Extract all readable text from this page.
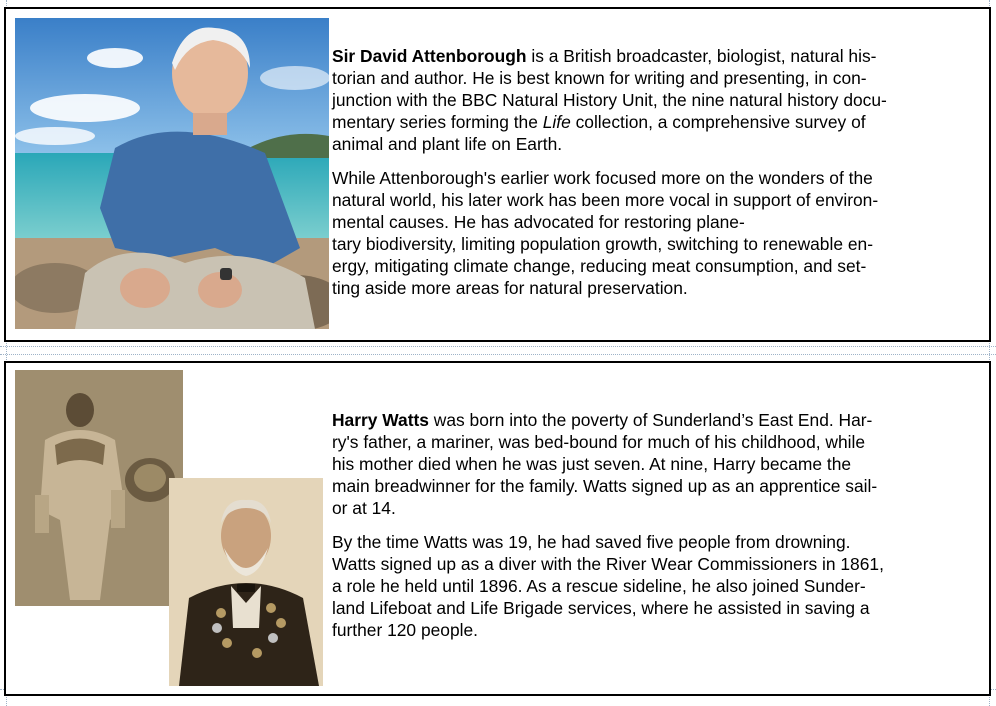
Sir David Attenborough is a British broadcaster, biologist, natural his-
torian and author. He is best known for writing and presenting, in con-
junction with the BBC Natural History Unit, the nine natural history docu-
mentary series forming the Life collection, a comprehensive survey of
animal and plant life on Earth.

While Attenborough's earlier work focused more on the wonders of the
natural world, his later work has been more vocal in support of environ-
mental causes. He has advocated for restoring plane-
tary biodiversity, limiting population growth, switching to renewable en-
ergy, mitigating climate change, reducing meat consumption, and set-
ting aside more areas for natural preservation.

Harry Watts was born into the poverty of Sunderland’s East End. Har-
ry's father, a mariner, was bed-bound for much of his childhood, while
his mother died when he was just seven. At nine, Harry became the
main breadwinner for the family. Watts signed up as an apprentice sail-
or at 14.

By the time Watts was 19, he had saved five people from drowning.
Watts signed up as a diver with the River Wear Commissioners in 1861,
a role he held until 1896. As a rescue sideline, he also joined Sunder-
land Lifeboat and Life Brigade services, where he assisted in saving a
further 120 people.
